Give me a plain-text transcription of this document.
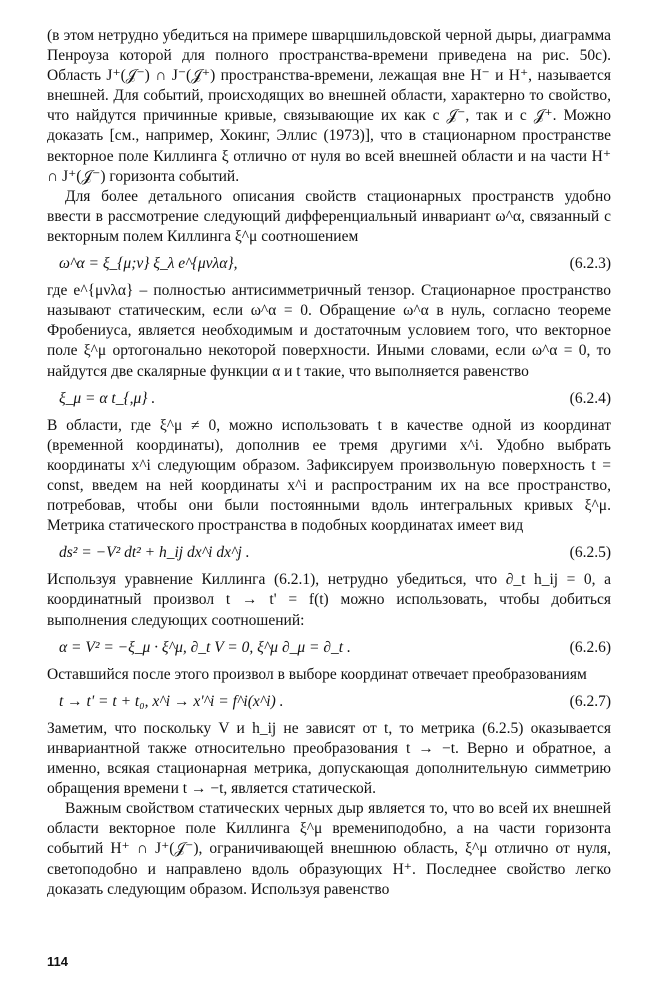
(в этом нетрудно убедиться на примере шварцшильдовской черной дыры, диаграмма Пенроуза которой для полного пространства-времени приведена на рис. 50с). Область J⁺(𝒥⁻) ∩ J⁻(𝒥⁺) пространства-времени, лежащая вне H⁻ и H⁺, называется внешней. Для событий, происходящих во внешней области, характерно то свойство, что найдутся причинные кривые, связывающие их как с 𝒥⁻, так и с 𝒥⁺. Можно доказать [см., например, Хокинг, Эллис (1973)], что в стационарном пространстве векторное поле Киллинга ξ отлично от нуля во всей внешней области и на части H⁺ ∩ J⁺(𝒥⁻) горизонта событий.

Для более детального описания свойств стационарных пространств удобно ввести в рассмотрение следующий дифференциальный инвариант ω^α, связанный с векторным полем Киллинга ξ^μ соотношением

ω^α = ξ_{μ;ν} ξ_λ e^{μνλα},	(6.2.3)

где e^{μνλα} – полностью антисимметричный тензор. Стационарное пространство называют статическим, если ω^α = 0. Обращение ω^α в нуль, согласно теореме Фробениуса, является необходимым и достаточным условием того, что векторное поле ξ^μ ортогонально некоторой поверхности. Иными словами, если ω^α = 0, то найдутся две скалярные функции α и t такие, что выполняется равенство

ξ_μ = α t_{,μ} .	(6.2.4)

В области, где ξ^μ ≠ 0, можно использовать t в качестве одной из координат (временной координаты), дополнив ее тремя другими x^i. Удобно выбрать координаты x^i следующим образом. Зафиксируем произвольную поверхность t = const, введем на ней координаты x^i и распространим их на все пространство, потребовав, чтобы они были постоянными вдоль интегральных кривых ξ^μ. Метрика статического пространства в подобных координатах имеет вид

ds² = −V² dt² + h_ij dx^i dx^j .	(6.2.5)

Используя уравнение Киллинга (6.2.1), нетрудно убедиться, что ∂_t h_ij = 0, а координатный произвол t → t' = f(t) можно использовать, чтобы добиться выполнения следующих соотношений:

α = V² = −ξ_μ · ξ^μ, ∂_t V = 0, ξ^μ ∂_μ = ∂_t .	(6.2.6)

Оставшийся после этого произвол в выборе координат отвечает преобразованиям

t → t' = t + t₀, x^i → x'^i = f^i(x^i) .	(6.2.7)

Заметим, что поскольку V и h_ij не зависят от t, то метрика (6.2.5) оказывается инвариантной также относительно преобразования t → −t. Верно и обратное, а именно, всякая стационарная метрика, допускающая дополнительную симметрию обращения времени t → −t, является статической.

Важным свойством статических черных дыр является то, что во всей их внешней области векторное поле Киллинга ξ^μ времениподобно, а на части горизонта событий H⁺ ∩ J⁺(𝒥⁻), ограничивающей внешнюю область, ξ^μ отлично от нуля, светоподобно и направлено вдоль образующих H⁺. Последнее свойство легко доказать следующим образом. Используя равенство

114
